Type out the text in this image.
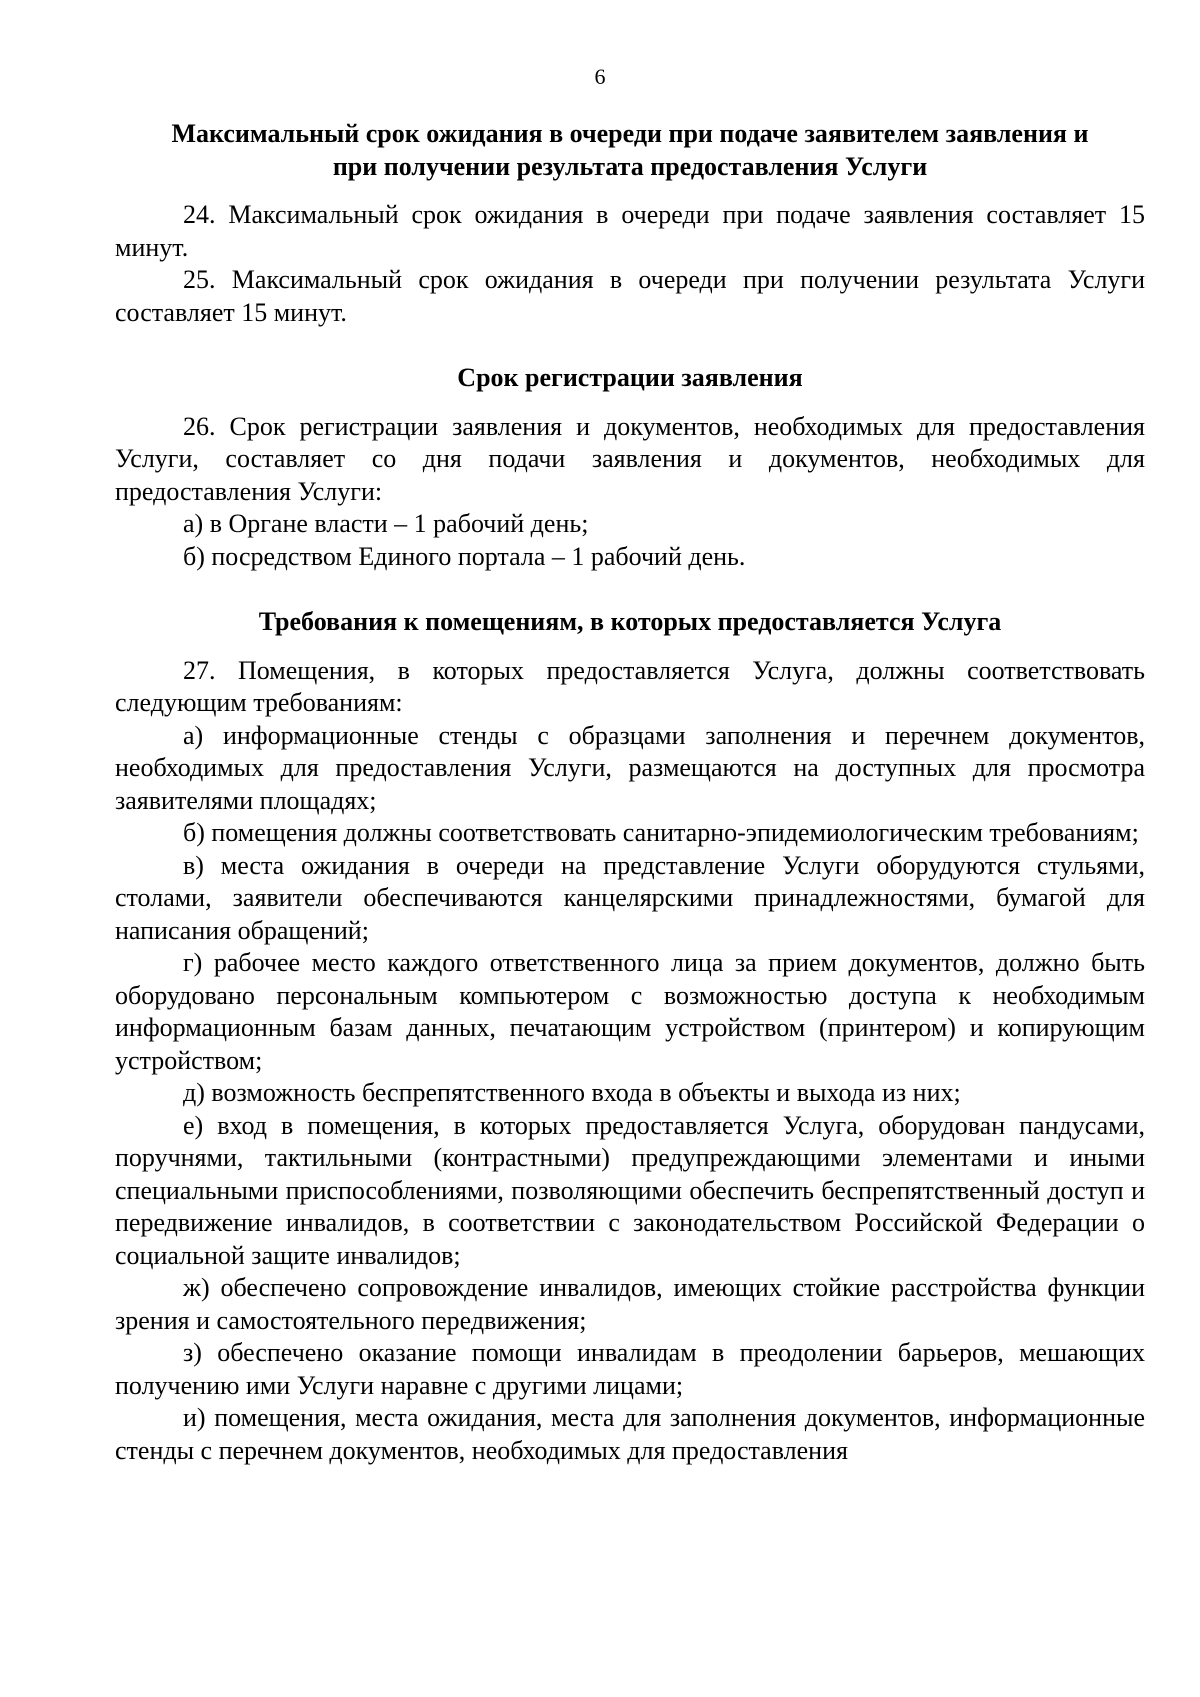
6
Максимальный срок ожидания в очереди при подаче заявителем заявления и
при получении результата предоставления Услуги

24. Максимальный срок ожидания в очереди при подаче заявления составляет 15 минут.

25. Максимальный срок ожидания в очереди при получении результата Услуги составляет 15 минут.

Срок регистрации заявления

26. Срок регистрации заявления и документов, необходимых для предоставления Услуги, составляет со дня подачи заявления и документов, необходимых для предоставления Услуги:

а) в Органе власти – 1 рабочий день;

б) посредством Единого портала – 1 рабочий день.

Требования к помещениям, в которых предоставляется Услуга

27. Помещения, в которых предоставляется Услуга, должны соответствовать следующим требованиям:

а) информационные стенды с образцами заполнения и перечнем документов, необходимых для предоставления Услуги, размещаются на доступных для просмотра заявителями площадях;

б) помещения должны соответствовать санитарно-эпидемиологическим требованиям;

в) места ожидания в очереди на представление Услуги оборудуются стульями, столами, заявители обеспечиваются канцелярскими принадлежностями, бумагой для написания обращений;

г) рабочее место каждого ответственного лица за прием документов, должно быть оборудовано персональным компьютером с возможностью доступа к необходимым информационным базам данных, печатающим устройством (принтером) и копирующим устройством;

д) возможность беспрепятственного входа в объекты и выхода из них;

е) вход в помещения, в которых предоставляется Услуга, оборудован пандусами, поручнями, тактильными (контрастными) предупреждающими элементами и иными специальными приспособлениями, позволяющими обеспечить беспрепятственный доступ и передвижение инвалидов, в соответствии с законодательством Российской Федерации о социальной защите инвалидов;

ж) обеспечено сопровождение инвалидов, имеющих стойкие расстройства функции зрения и самостоятельного передвижения;

з) обеспечено оказание помощи инвалидам в преодолении барьеров, мешающих получению ими Услуги наравне с другими лицами;

и) помещения, места ожидания, места для заполнения документов, информационные стенды с перечнем документов, необходимых для предоставления
